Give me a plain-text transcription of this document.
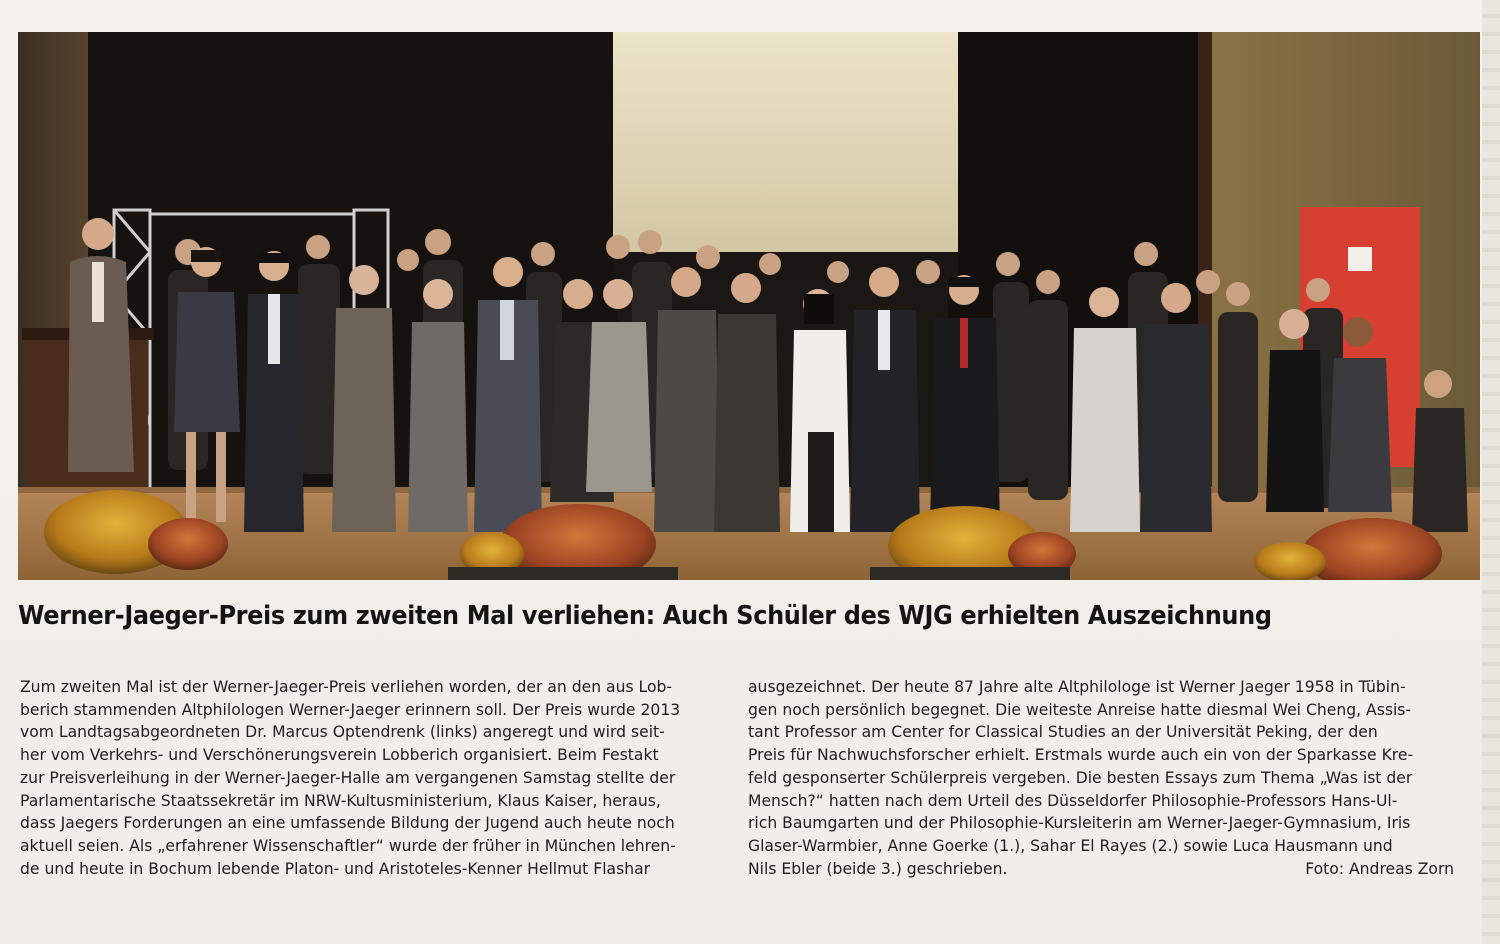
Werner-Jaeger-Preis zum zweiten Mal verliehen: Auch Schüler des WJG erhielten Auszeichnung
Zum zweiten Mal ist der Werner-Jaeger-Preis verliehen worden, der an den aus Lob-
berich stammenden Altphilologen Werner-Jaeger erinnern soll. Der Preis wurde 2013
vom Landtagsabgeordneten Dr. Marcus Optendrenk (links) angeregt und wird seit-
her vom Verkehrs- und Verschönerungsverein Lobberich organisiert. Beim Festakt
zur Preisverleihung in der Werner-Jaeger-Halle am vergangenen Samstag stellte der
Parlamentarische Staatssekretär im NRW-Kultusministerium, Klaus Kaiser, heraus,
dass Jaegers Forderungen an eine umfassende Bildung der Jugend auch heute noch
aktuell seien. Als „erfahrener Wissenschaftler“ wurde der früher in München lehren-
de und heute in Bochum lebende Platon- und Aristoteles-Kenner Hellmut Flashar
ausgezeichnet. Der heute 87 Jahre alte Altphilologe ist Werner Jaeger 1958 in Tübin-
gen noch persönlich begegnet. Die weiteste Anreise hatte diesmal Wei Cheng, Assis-
tant Professor am Center for Classical Studies an der Universität Peking, der den
Preis für Nachwuchsforscher erhielt. Erstmals wurde auch ein von der Sparkasse Kre-
feld gesponserter Schülerpreis vergeben. Die besten Essays zum Thema „Was ist der
Mensch?“ hatten nach dem Urteil des Düsseldorfer Philosophie-Professors Hans-Ul-
rich Baumgarten und der Philosophie-Kursleiterin am Werner-Jaeger-Gymnasium, Iris
Glaser-Warmbier, Anne Goerke (1.), Sahar El Rayes (2.) sowie Luca Hausmann und
Nils Ebler (beide 3.) geschrieben.	Foto: Andreas Zorn
